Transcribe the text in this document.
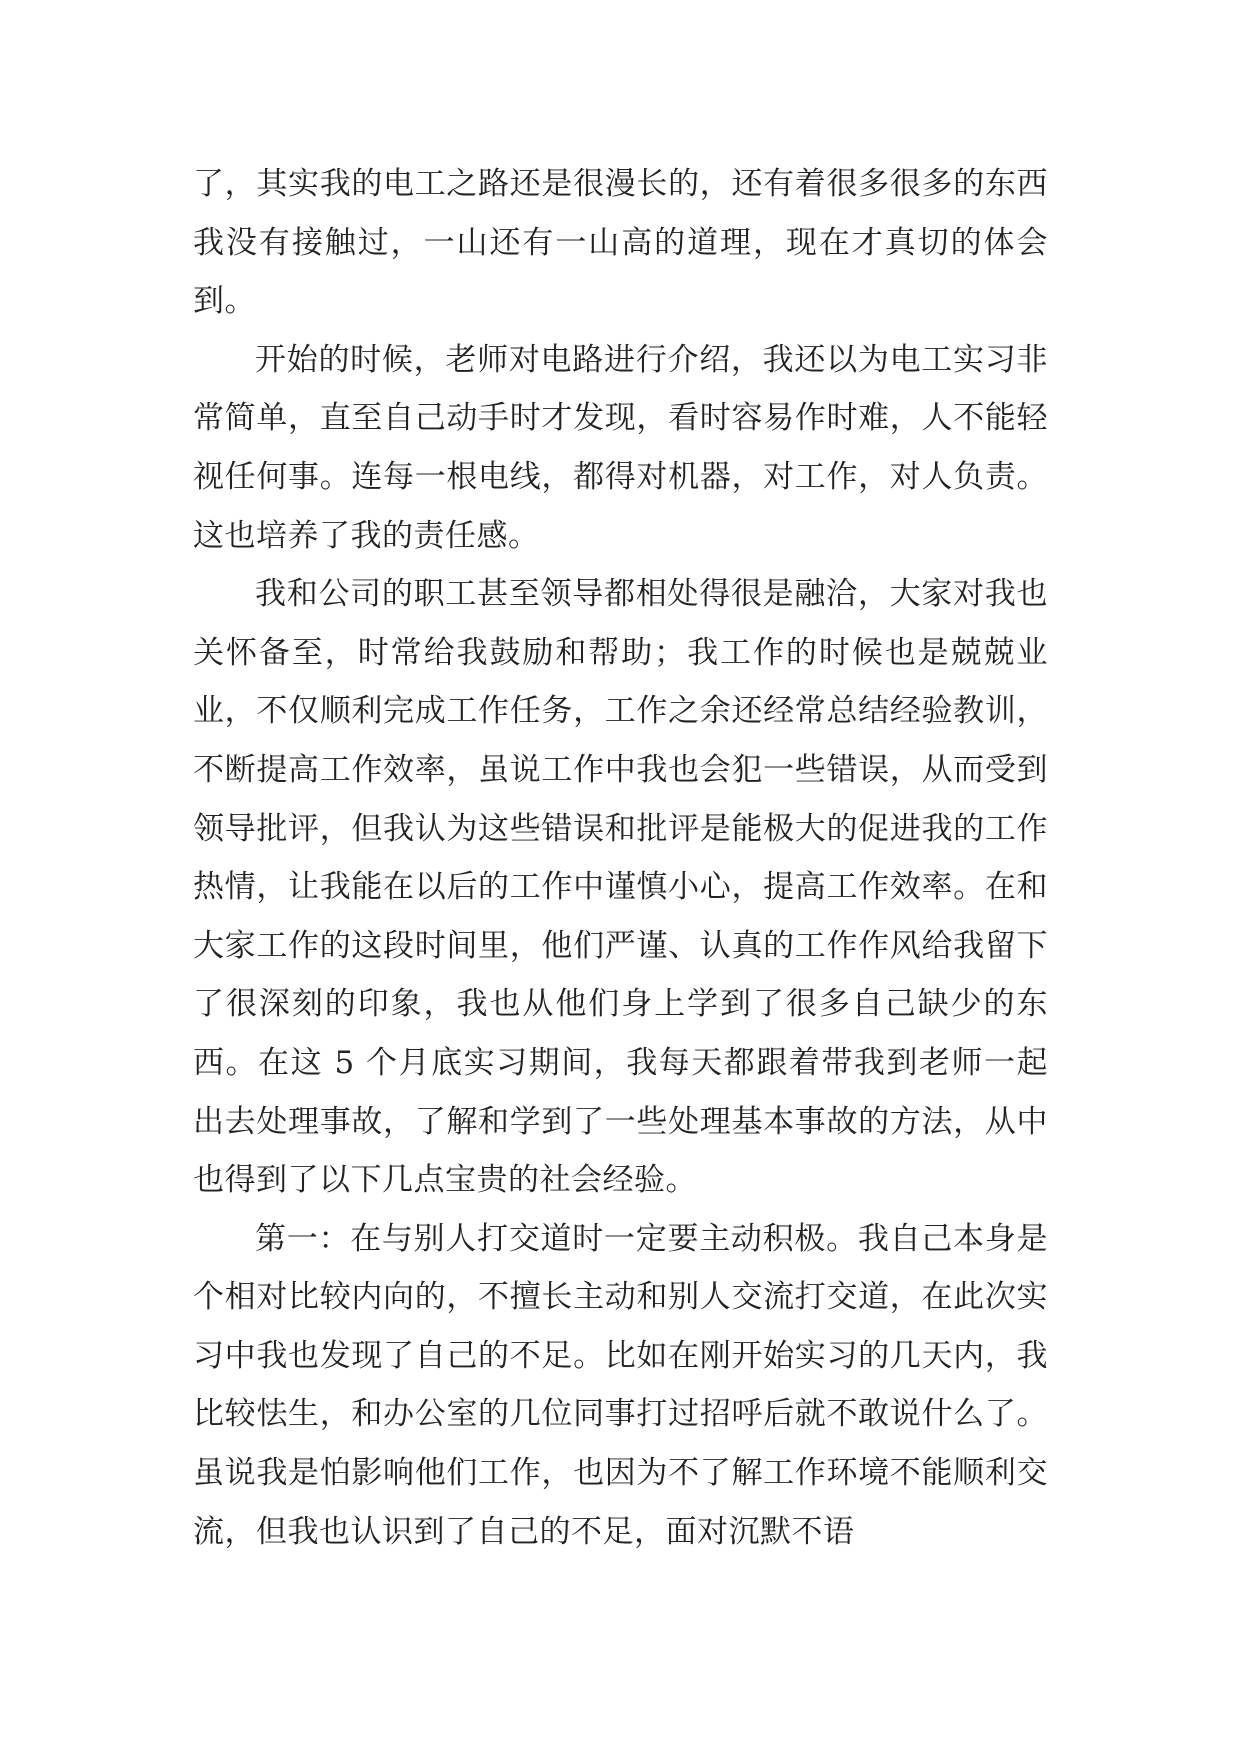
了，其实我的电工之路还是很漫长的，还有着很多很多的东西我没有接触过，一山还有一山高的道理，现在才真切的体会到。

开始的时候，老师对电路进行介绍，我还以为电工实习非常简单，直至自己动手时才发现，看时容易作时难，人不能轻视任何事。连每一根电线，都得对机器，对工作，对人负责。这也培养了我的责任感。

我和公司的职工甚至领导都相处得很是融洽，大家对我也关怀备至，时常给我鼓励和帮助；我工作的时候也是兢兢业业，不仅顺利完成工作任务，工作之余还经常总结经验教训，不断提高工作效率，虽说工作中我也会犯一些错误，从而受到领导批评，但我认为这些错误和批评是能极大的促进我的工作热情，让我能在以后的工作中谨慎小心，提高工作效率。在和大家工作的这段时间里，他们严谨、认真的工作作风给我留下了很深刻的印象，我也从他们身上学到了很多自己缺少的东西。在这 5 个月底实习期间，我每天都跟着带我到老师一起出去处理事故，了解和学到了一些处理基本事故的方法，从中也得到了以下几点宝贵的社会经验。

第一：在与别人打交道时一定要主动积极。我自己本身是个相对比较内向的，不擅长主动和别人交流打交道，在此次实习中我也发现了自己的不足。比如在刚开始实习的几天内，我比较怯生，和办公室的几位同事打过招呼后就不敢说什么了。虽说我是怕影响他们工作，也因为不了解工作环境不能顺利交流，但我也认识到了自己的不足，面对沉默不语
